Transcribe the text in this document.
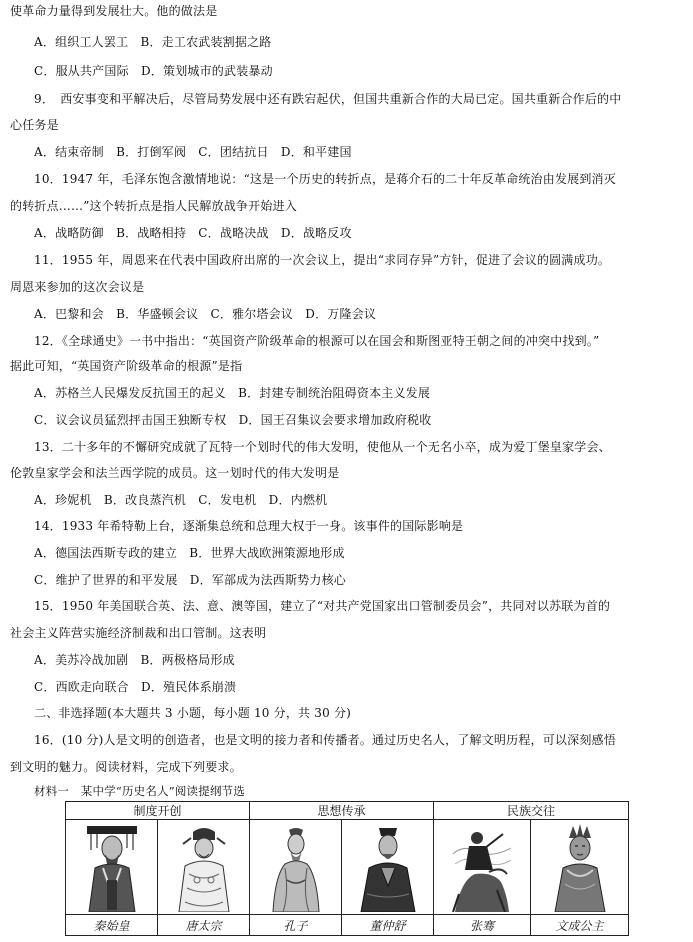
使革命力量得到发展壮大。他的做法是
A．组织工人罢工　B．走工农武装割据之路
C．服从共产国际　D．策划城市的武装暴动
9．　西安事变和平解决后，尽管局势发展中还有跌宕起伏，但国共重新合作的大局已定。国共重新合作后的中
心任务是
A．结束帝制　B．打倒军阀　C．团结抗日　D．和平建国
10．1947 年，毛泽东饱含激情地说：“这是一个历史的转折点，是蒋介石的二十年反革命统治由发展到消灭
的转折点……”这个转折点是指人民解放战争开始进入
A．战略防御　B．战略相持　C．战略决战　D．战略反攻
11．1955 年，周恩来在代表中国政府出席的一次会议上，提出“求同存异”方针，促进了会议的圆满成功。
周恩来参加的这次会议是
A．巴黎和会　B．华盛顿会议　C．雅尔塔会议　D．万隆会议
12．《全球通史》一书中指出：“英国资产阶级革命的根源可以在国会和斯图亚特王朝之间的冲突中找到。”
据此可知，“英国资产阶级革命的根源”是指
A．苏格兰人民爆发反抗国王的起义　B．封建专制统治阻碍资本主义发展
C．议会议员猛烈抨击国王独断专权　D．国王召集议会要求增加政府税收
13．二十多年的不懈研究成就了瓦特一个划时代的伟大发明，使他从一个无名小卒，成为爱丁堡皇家学会、
伦敦皇家学会和法兰西学院的成员。这一划时代的伟大发明是
A．珍妮机　B．改良蒸汽机　C．发电机　D．内燃机
14．1933 年希特勒上台，逐渐集总统和总理大权于一身。该事件的国际影响是
A．德国法西斯专政的建立　B．世界大战欧洲策源地形成
C．维护了世界的和平发展　D．军部成为法西斯势力核心
15．1950 年美国联合英、法、意、澳等国，建立了“对共产党国家出口管制委员会”，共同对以苏联为首的
社会主义阵营实施经济制裁和出口管制。这表明
A．美苏冷战加剧　B．两极格局形成
C．西欧走向联合　D．殖民体系崩溃
二、非选择题(本大题共 3 小题，每小题 10 分，共 30 分)
16．(10 分)人是文明的创造者，也是文明的接力者和传播者。通过历史名人，了解文明历程，可以深刻感悟
到文明的魅力。阅读材料，完成下列要求。
材料一　某中学“历史名人”阅读提纲节选
制度开创		思想传承		民族交往	

秦始皇	唐太宗	孔子	董仲舒	张骞	文成公主
